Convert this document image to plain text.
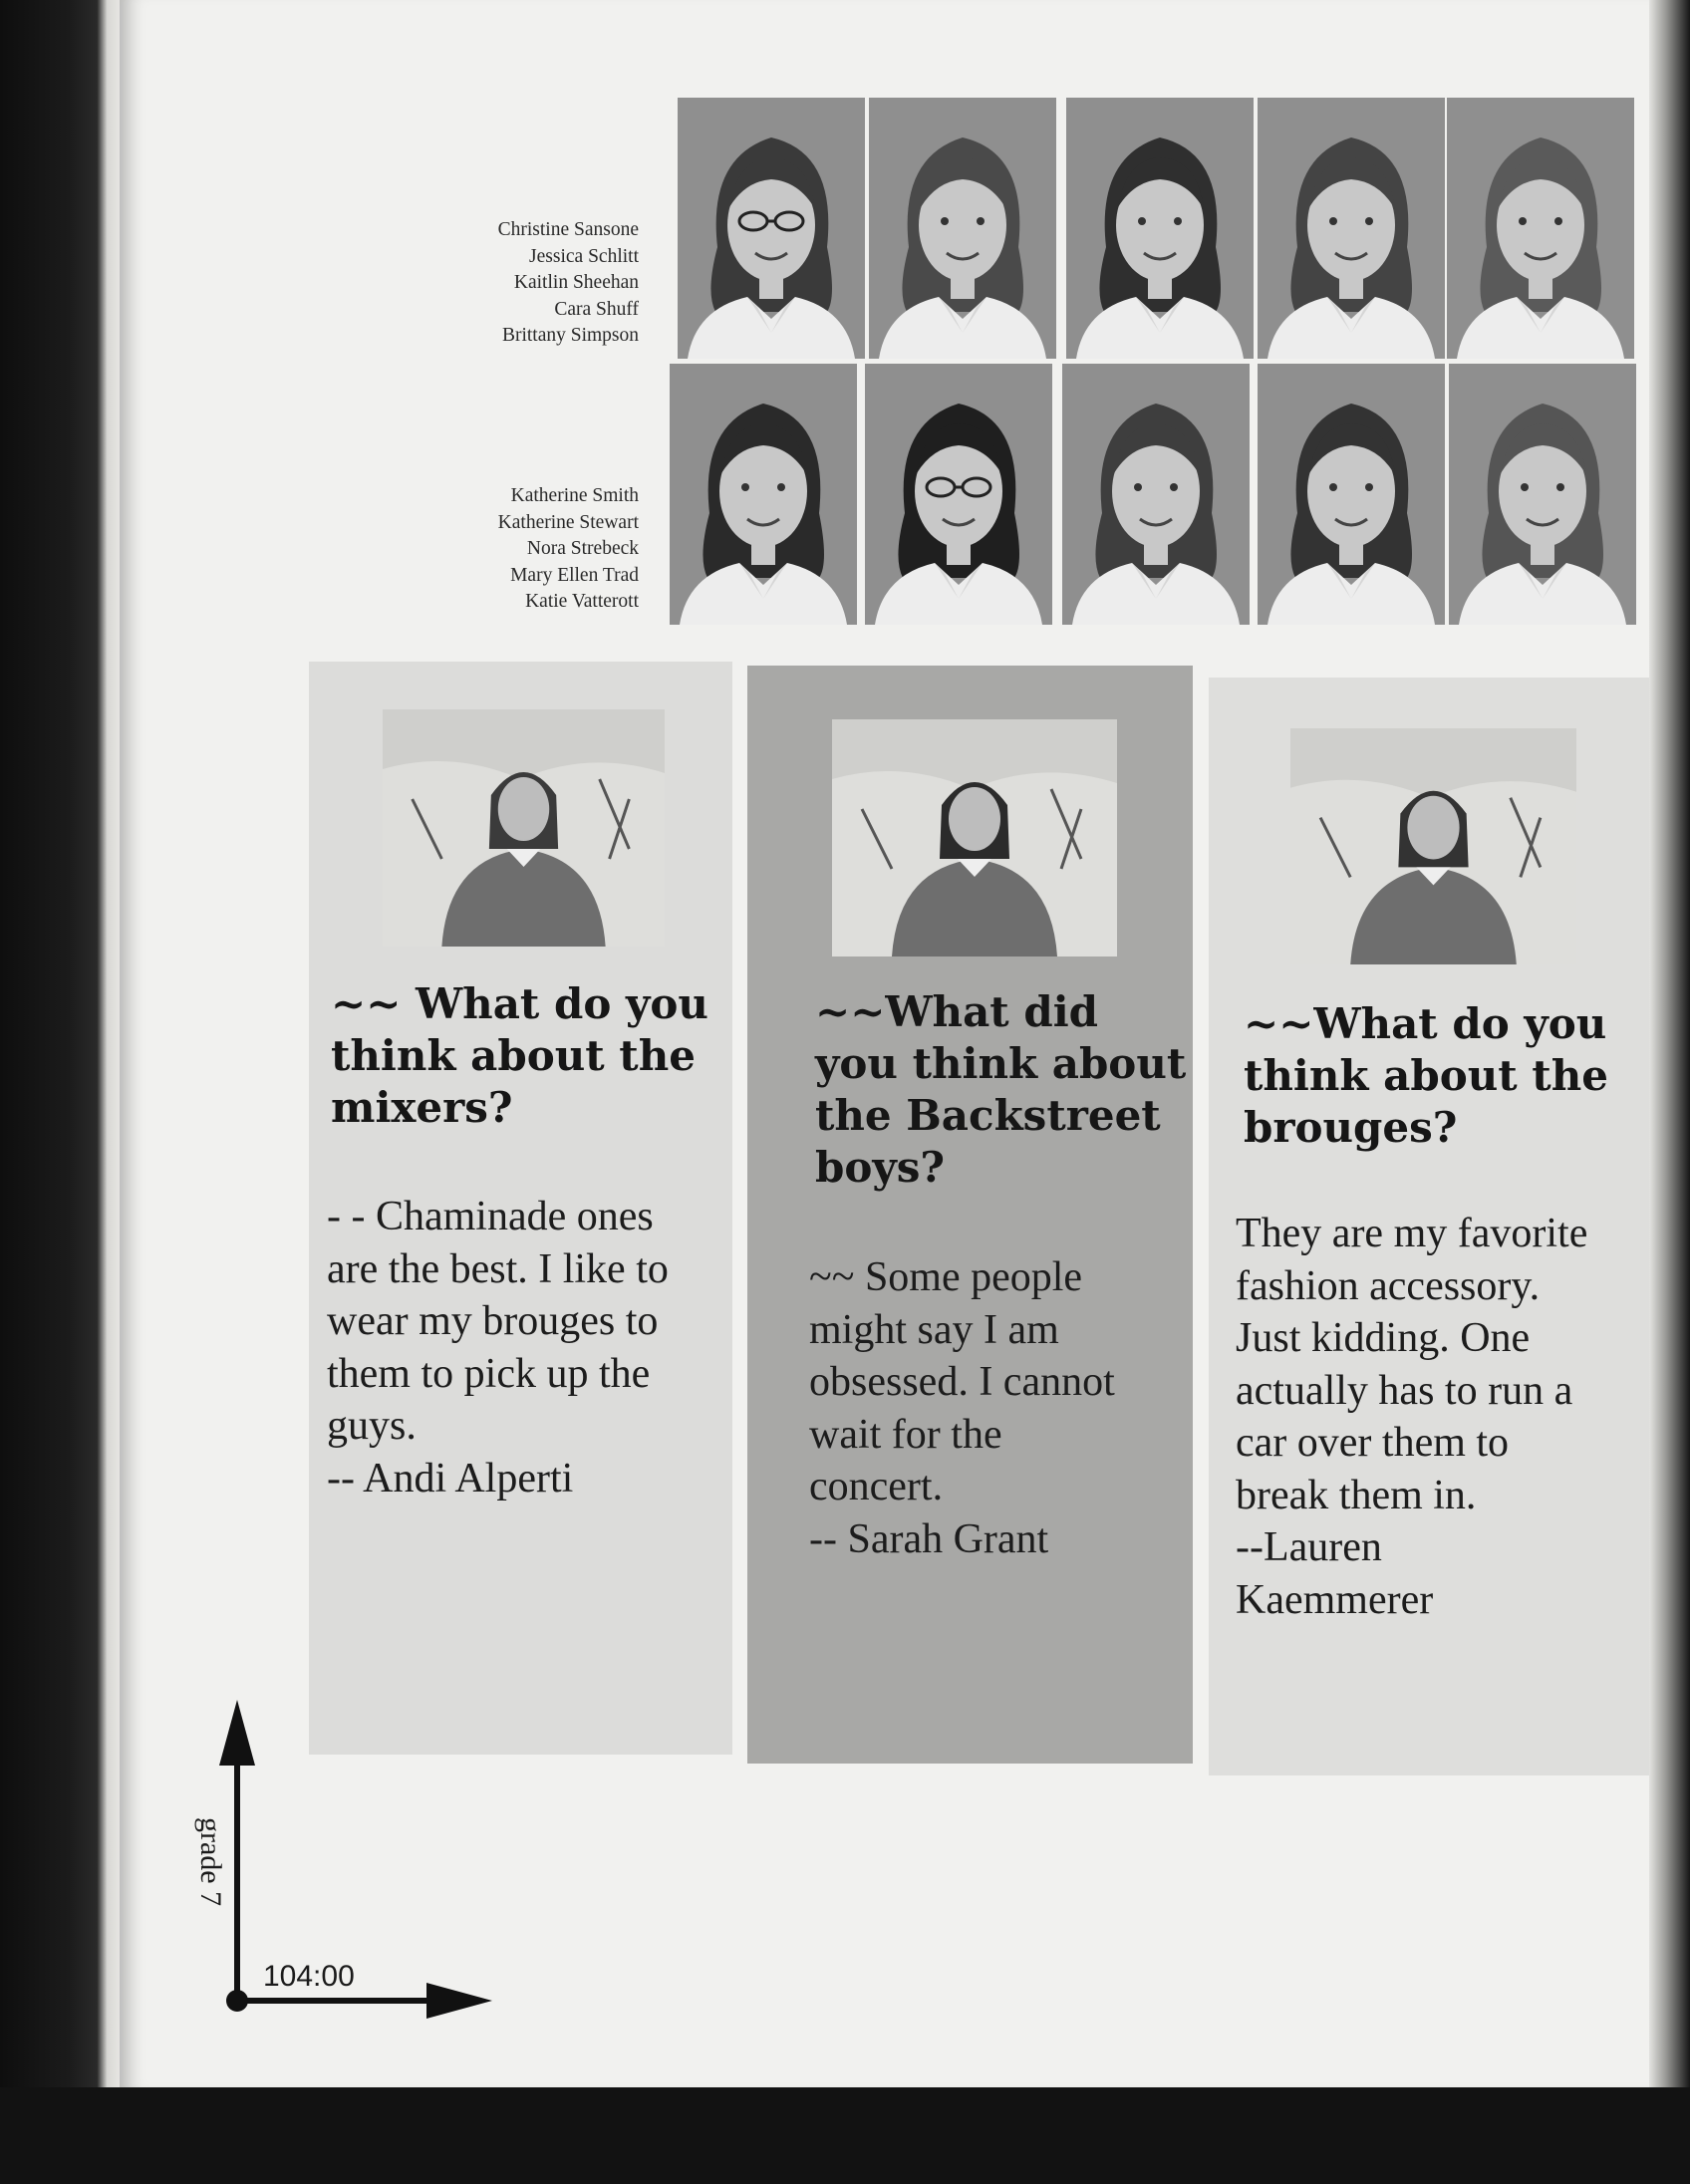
Christine Sansone
Jessica Schlitt
Kaitlin Sheehan
Cara Shuff
Brittany Simpson
Katherine Smith
Katherine Stewart
Nora Strebeck
Mary Ellen Trad
Katie Vatterott
~~ What do you think about the mixers?
- - Chaminade ones
are the best. I like to
wear my brouges to
them to pick up the
guys.
-- Andi Alperti
~~What did you think about the Backstreet boys?
~~ Some people
might say I am
obsessed. I cannot
wait for the
concert.
-- Sarah Grant
~~What do you think about the brouges?
They are my favorite
fashion accessory.
Just kidding. One
actually has to run a
car over them to
break them in.
--Lauren
Kaemmerer
grade 7
104:00
